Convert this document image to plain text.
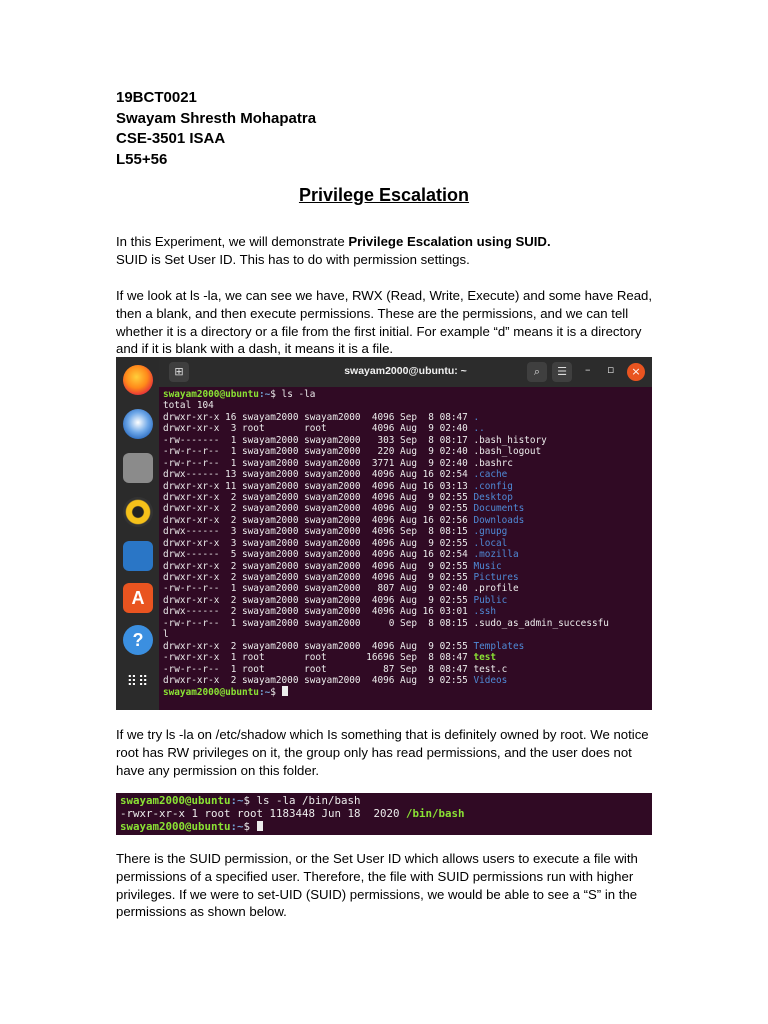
19BCT0021
Swayam Shresth Mohapatra
CSE-3501 ISAA
L55+56
Privilege Escalation
In this Experiment, we will demonstrate Privilege Escalation using SUID.
SUID is Set User ID. This has to do with permission settings.
If we look at ls -la, we can see we have, RWX (Read, Write, Execute) and some have Read, then a blank, and then execute permissions. These are the permissions, and we can tell whether it is a directory or a file from the first initial. For example “d” means it is a directory and if it is blank with a dash, it means it is a file.
A
?
⠿⠿
⊞	swayam2000@ubuntu: ~	⌕	☰	– ▫	×
swayam2000@ubuntu:~$ ls -la
total 104
drwxr-xr-x 16 swayam2000 swayam2000  4096 Sep  8 08:47 .
drwxr-xr-x  3 root       root        4096 Aug  9 02:40 ..
-rw-------  1 swayam2000 swayam2000   303 Sep  8 08:17 .bash_history
-rw-r--r--  1 swayam2000 swayam2000   220 Aug  9 02:40 .bash_logout
-rw-r--r--  1 swayam2000 swayam2000  3771 Aug  9 02:40 .bashrc
drwx------ 13 swayam2000 swayam2000  4096 Aug 16 02:54 .cache
drwxr-xr-x 11 swayam2000 swayam2000  4096 Aug 16 03:13 .config
drwxr-xr-x  2 swayam2000 swayam2000  4096 Aug  9 02:55 Desktop
drwxr-xr-x  2 swayam2000 swayam2000  4096 Aug  9 02:55 Documents
drwxr-xr-x  2 swayam2000 swayam2000  4096 Aug 16 02:56 Downloads
drwx------  3 swayam2000 swayam2000  4096 Sep  8 08:15 .gnupg
drwxr-xr-x  3 swayam2000 swayam2000  4096 Aug  9 02:55 .local
drwx------  5 swayam2000 swayam2000  4096 Aug 16 02:54 .mozilla
drwxr-xr-x  2 swayam2000 swayam2000  4096 Aug  9 02:55 Music
drwxr-xr-x  2 swayam2000 swayam2000  4096 Aug  9 02:55 Pictures
-rw-r--r--  1 swayam2000 swayam2000   807 Aug  9 02:40 .profile
drwxr-xr-x  2 swayam2000 swayam2000  4096 Aug  9 02:55 Public
drwx------  2 swayam2000 swayam2000  4096 Aug 16 03:01 .ssh
-rw-r--r--  1 swayam2000 swayam2000     0 Sep  8 08:15 .sudo_as_admin_successfu
l
drwxr-xr-x  2 swayam2000 swayam2000  4096 Aug  9 02:55 Templates
-rwxr-xr-x  1 root       root       16696 Sep  8 08:47 test
-rw-r--r--  1 root       root          87 Sep  8 08:47 test.c
drwxr-xr-x  2 swayam2000 swayam2000  4096 Aug  9 02:55 Videos
swayam2000@ubuntu:~$
If we try ls -la on /etc/shadow which Is something that is definitely owned by root. We notice root has RW privileges on it, the group only has read permissions, and the user does not have any permission on this folder.
swayam2000@ubuntu:~$ ls -la /bin/bash
-rwxr-xr-x 1 root root 1183448 Jun 18  2020 /bin/bash
swayam2000@ubuntu:~$
There is the SUID permission, or the Set User ID which allows users to execute a file with permissions of a specified user. Therefore, the file with SUID permissions run with higher privileges. If we were to set-UID (SUID) permissions, we would be able to see a “S” in the permissions as shown below.
